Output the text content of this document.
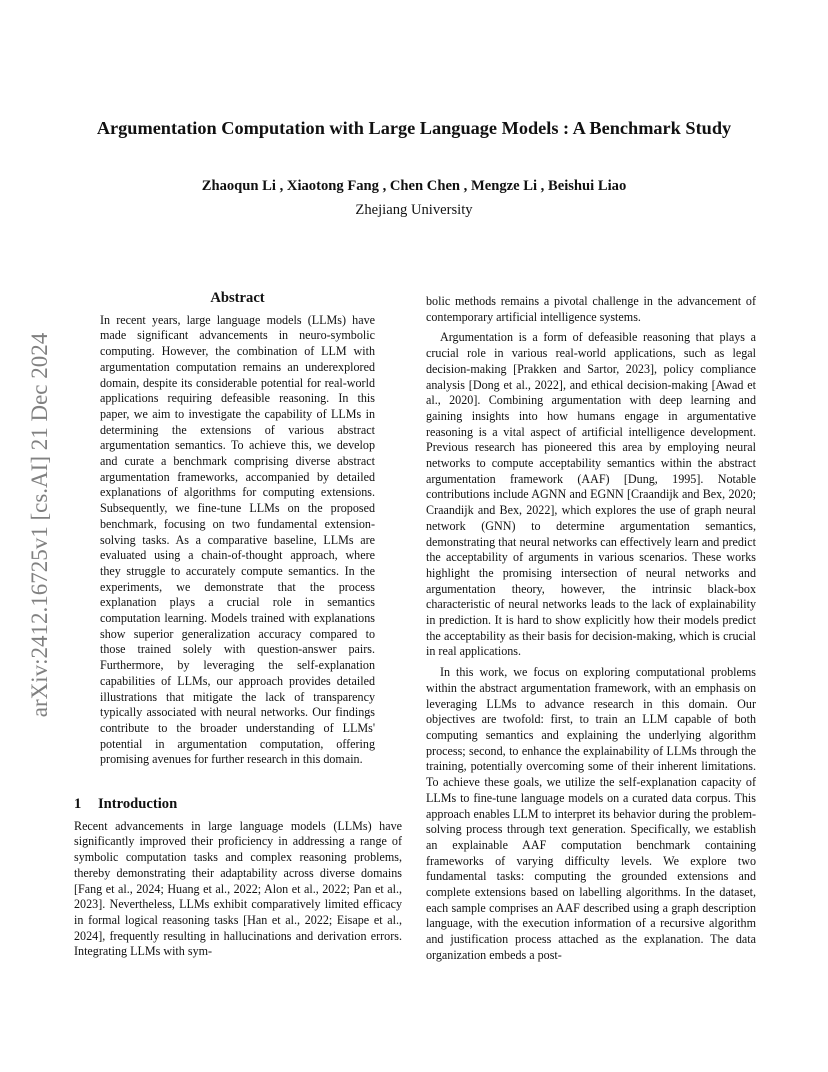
Argumentation Computation with Large Language Models : A Benchmark Study
Zhaoqun Li , Xiaotong Fang , Chen Chen , Mengze Li , Beishui Liao
Zhejiang University
arXiv:2412.16725v1 [cs.AI] 21 Dec 2024
Abstract

In recent years, large language models (LLMs) have made significant advancements in neuro-symbolic computing. However, the combination of LLM with argumentation computation remains an underexplored domain, despite its considerable potential for real-world applications requiring defeasible reasoning. In this paper, we aim to investigate the capability of LLMs in determining the extensions of various abstract argumentation semantics. To achieve this, we develop and curate a benchmark comprising diverse abstract argumentation frameworks, accompanied by detailed explanations of algorithms for computing extensions. Subsequently, we fine-tune LLMs on the proposed benchmark, focusing on two fundamental extension-solving tasks. As a comparative baseline, LLMs are evaluated using a chain-of-thought approach, where they struggle to accurately compute semantics. In the experiments, we demonstrate that the process explanation plays a crucial role in semantics computation learning. Models trained with explanations show superior generalization accuracy compared to those trained solely with question-answer pairs. Furthermore, by leveraging the self-explanation capabilities of LLMs, our approach provides detailed illustrations that mitigate the lack of transparency typically associated with neural networks. Our findings contribute to the broader understanding of LLMs' potential in argumentation computation, offering promising avenues for further research in this domain.

1 Introduction

Recent advancements in large language models (LLMs) have significantly improved their proficiency in addressing a range of symbolic computation tasks and complex reasoning problems, thereby demonstrating their adaptability across diverse domains [Fang et al., 2024; Huang et al., 2022; Alon et al., 2022; Pan et al., 2023]. Nevertheless, LLMs exhibit comparatively limited efficacy in formal logical reasoning tasks [Han et al., 2022; Eisape et al., 2024], frequently resulting in hallucinations and derivation errors. Integrating LLMs with sym-

bolic methods remains a pivotal challenge in the advancement of contemporary artificial intelligence systems.

Argumentation is a form of defeasible reasoning that plays a crucial role in various real-world applications, such as legal decision-making [Prakken and Sartor, 2023], policy compliance analysis [Dong et al., 2022], and ethical decision-making [Awad et al., 2020]. Combining argumentation with deep learning and gaining insights into how humans engage in argumentative reasoning is a vital aspect of artificial intelligence development. Previous research has pioneered this area by employing neural networks to compute acceptability semantics within the abstract argumentation framework (AAF) [Dung, 1995]. Notable contributions include AGNN and EGNN [Craandijk and Bex, 2020; Craandijk and Bex, 2022], which explores the use of graph neural network (GNN) to determine argumentation semantics, demonstrating that neural networks can effectively learn and predict the acceptability of arguments in various scenarios. These works highlight the promising intersection of neural networks and argumentation theory, however, the intrinsic black-box characteristic of neural networks leads to the lack of explainability in prediction. It is hard to show explicitly how their models predict the acceptability as their basis for decision-making, which is crucial in real applications.

In this work, we focus on exploring computational problems within the abstract argumentation framework, with an emphasis on leveraging LLMs to advance research in this domain. Our objectives are twofold: first, to train an LLM capable of both computing semantics and explaining the underlying algorithm process; second, to enhance the explainability of LLMs through the training, potentially overcoming some of their inherent limitations. To achieve these goals, we utilize the self-explanation capacity of LLMs to fine-tune language models on a curated data corpus. This approach enables LLM to interpret its behavior during the problem-solving process through text generation. Specifically, we establish an explainable AAF computation benchmark containing frameworks of varying difficulty levels. We explore two fundamental tasks: computing the grounded extensions and complete extensions based on labelling algorithms. In the dataset, each sample comprises an AAF described using a graph description language, with the execution information of a recursive algorithm and justification process attached as the explanation. The data organization embeds a post-
